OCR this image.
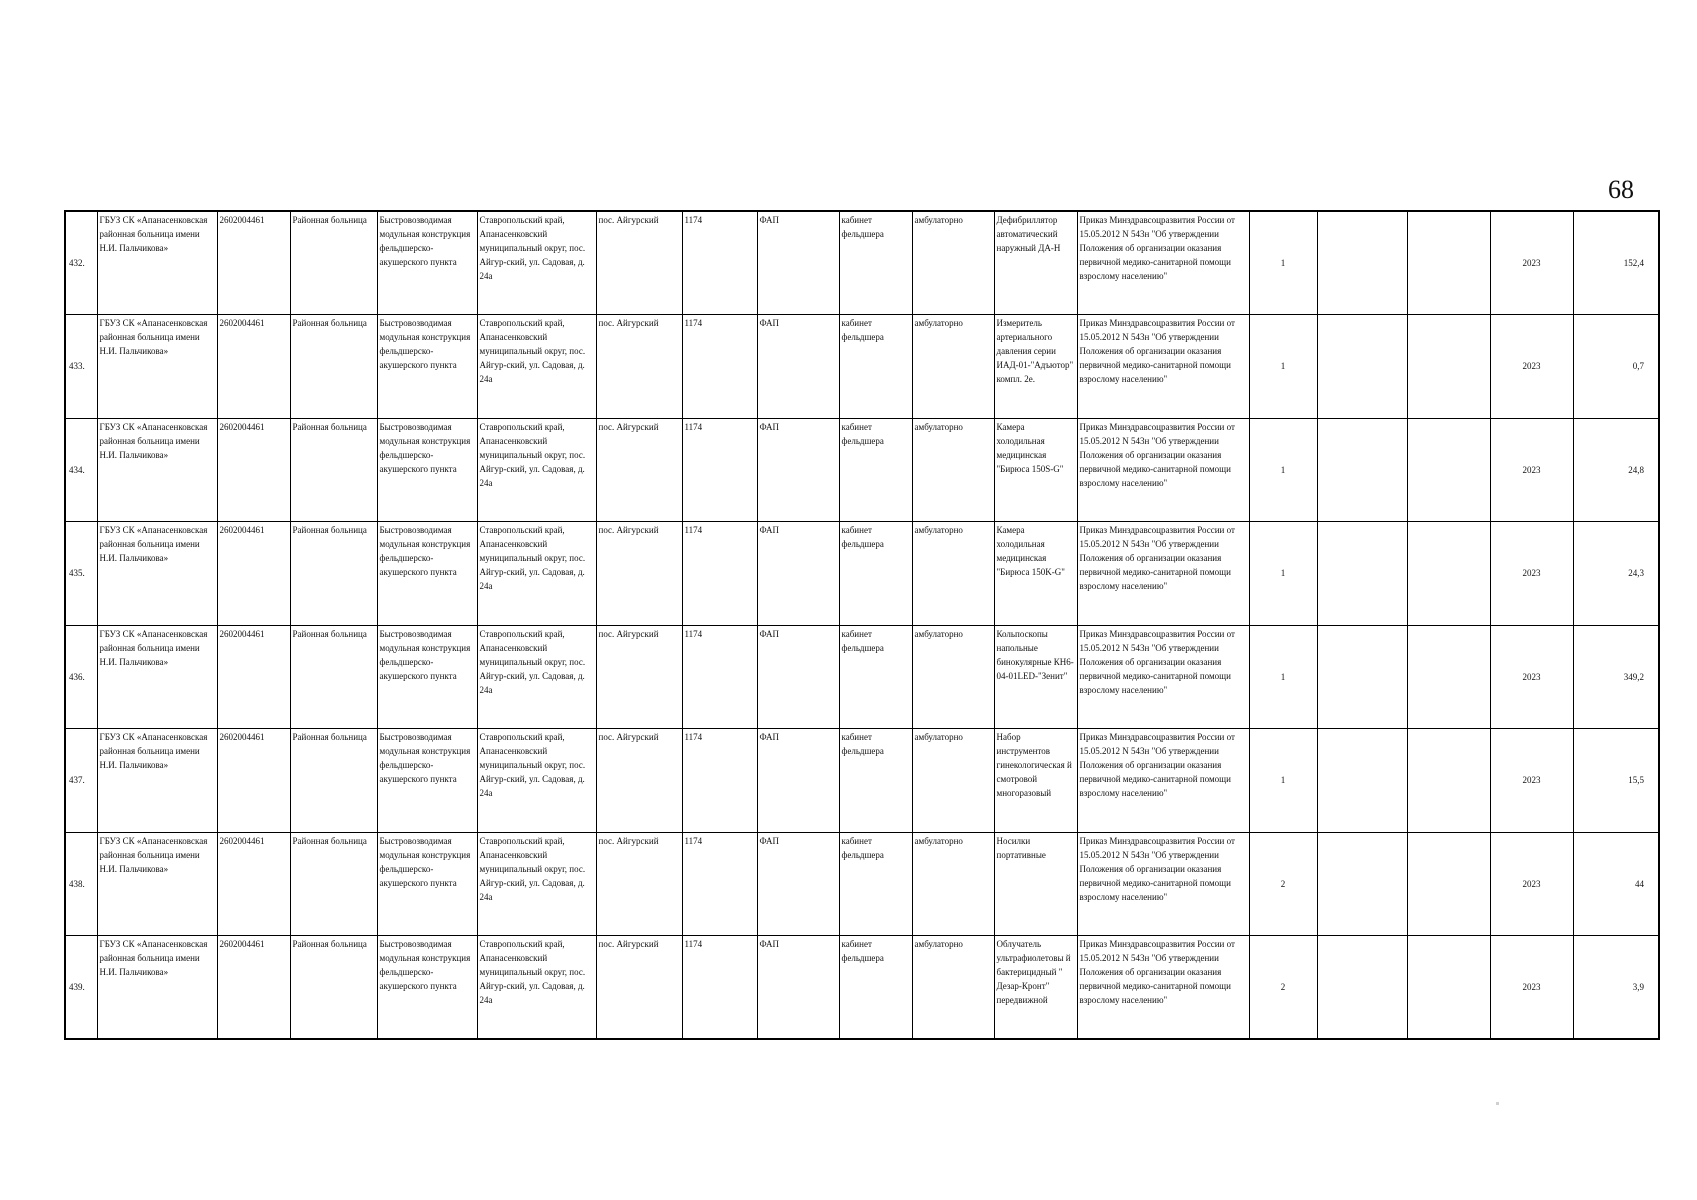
68
432.	ГБУЗ СК «Апанасенковская районная больница имени Н.И. Пальчикова»	2602004461	Районная больница	Быстровозводимая модульная конструкция фельдшерско-акушерского пункта	Ставропольский край, Апанасенковский муниципальный округ, пос. Айгур-ский, ул. Садовая, д. 24а	пос. Айгурский	1174	ФАП	кабинет фельдшера	амбулаторно	Дефибриллятор автоматический наружный ДА-Н	Приказ Минздравсоцразвития России от 15.05.2012 N 543н "Об утверждении Положения об организации оказания первичной медико-санитарной помощи взрослому населению"	1			2023	152,4
433.	ГБУЗ СК «Апанасенковская районная больница имени Н.И. Пальчикова»	2602004461	Районная больница	Быстровозводимая модульная конструкция фельдшерско-акушерского пункта	Ставропольский край, Апанасенковский муниципальный округ, пос. Айгур-ский, ул. Садовая, д. 24а	пос. Айгурский	1174	ФАП	кабинет фельдшера	амбулаторно	Измеритель артериального давления серии ИАД-01-"Адъютор" компл. 2е.	Приказ Минздравсоцразвития России от 15.05.2012 N 543н "Об утверждении Положения об организации оказания первичной медико-санитарной помощи взрослому населению"	1			2023	0,7
434.	ГБУЗ СК «Апанасенковская районная больница имени Н.И. Пальчикова»	2602004461	Районная больница	Быстровозводимая модульная конструкция фельдшерско-акушерского пункта	Ставропольский край, Апанасенковский муниципальный округ, пос. Айгур-ский, ул. Садовая, д. 24а	пос. Айгурский	1174	ФАП	кабинет фельдшера	амбулаторно	Камера холодильная медицинская "Бирюса 150S-G"	Приказ Минздравсоцразвития России от 15.05.2012 N 543н "Об утверждении Положения об организации оказания первичной медико-санитарной помощи взрослому населению"	1			2023	24,8
435.	ГБУЗ СК «Апанасенковская районная больница имени Н.И. Пальчикова»	2602004461	Районная больница	Быстровозводимая модульная конструкция фельдшерско-акушерского пункта	Ставропольский край, Апанасенковский муниципальный округ, пос. Айгур-ский, ул. Садовая, д. 24а	пос. Айгурский	1174	ФАП	кабинет фельдшера	амбулаторно	Камера холодильная медицинская "Бирюса 150K-G"	Приказ Минздравсоцразвития России от 15.05.2012 N 543н "Об утверждении Положения об организации оказания первичной медико-санитарной помощи взрослому населению"	1			2023	24,3
436.	ГБУЗ СК «Апанасенковская районная больница имени Н.И. Пальчикова»	2602004461	Районная больница	Быстровозводимая модульная конструкция фельдшерско-акушерского пункта	Ставропольский край, Апанасенковский муниципальный округ, пос. Айгур-ский, ул. Садовая, д. 24а	пос. Айгурский	1174	ФАП	кабинет фельдшера	амбулаторно	Кольпоскопы напольные бинокулярные КН6-04-01LED-"Зенит"	Приказ Минздравсоцразвития России от 15.05.2012 N 543н "Об утверждении Положения об организации оказания первичной медико-санитарной помощи взрослому населению"	1			2023	349,2
437.	ГБУЗ СК «Апанасенковская районная больница имени Н.И. Пальчикова»	2602004461	Районная больница	Быстровозводимая модульная конструкция фельдшерско-акушерского пункта	Ставропольский край, Апанасенковский муниципальный округ, пос. Айгур-ский, ул. Садовая, д. 24а	пос. Айгурский	1174	ФАП	кабинет фельдшера	амбулаторно	Набор инструментов гинекологическая й смотровой многоразовый	Приказ Минздравсоцразвития России от 15.05.2012 N 543н "Об утверждении Положения об организации оказания первичной медико-санитарной помощи взрослому населению"	1			2023	15,5
438.	ГБУЗ СК «Апанасенковская районная больница имени Н.И. Пальчикова»	2602004461	Районная больница	Быстровозводимая модульная конструкция фельдшерско-акушерского пункта	Ставропольский край, Апанасенковский муниципальный округ, пос. Айгур-ский, ул. Садовая, д. 24а	пос. Айгурский	1174	ФАП	кабинет фельдшера	амбулаторно	Носилки портативные	Приказ Минздравсоцразвития России от 15.05.2012 N 543н "Об утверждении Положения об организации оказания первичной медико-санитарной помощи взрослому населению"	2			2023	44
439.	ГБУЗ СК «Апанасенковская районная больница имени Н.И. Пальчикова»	2602004461	Районная больница	Быстровозводимая модульная конструкция фельдшерско-акушерского пункта	Ставропольский край, Апанасенковский муниципальный округ, пос. Айгур-ский, ул. Садовая, д. 24а	пос. Айгурский	1174	ФАП	кабинет фельдшера	амбулаторно	Облучатель ультрафиолетовы й бактерицидный " Дезар-Кронт" передвижной	Приказ Минздравсоцразвития России от 15.05.2012 N 543н "Об утверждении Положения об организации оказания первичной медико-санитарной помощи взрослому населению"	2			2023	3,9
